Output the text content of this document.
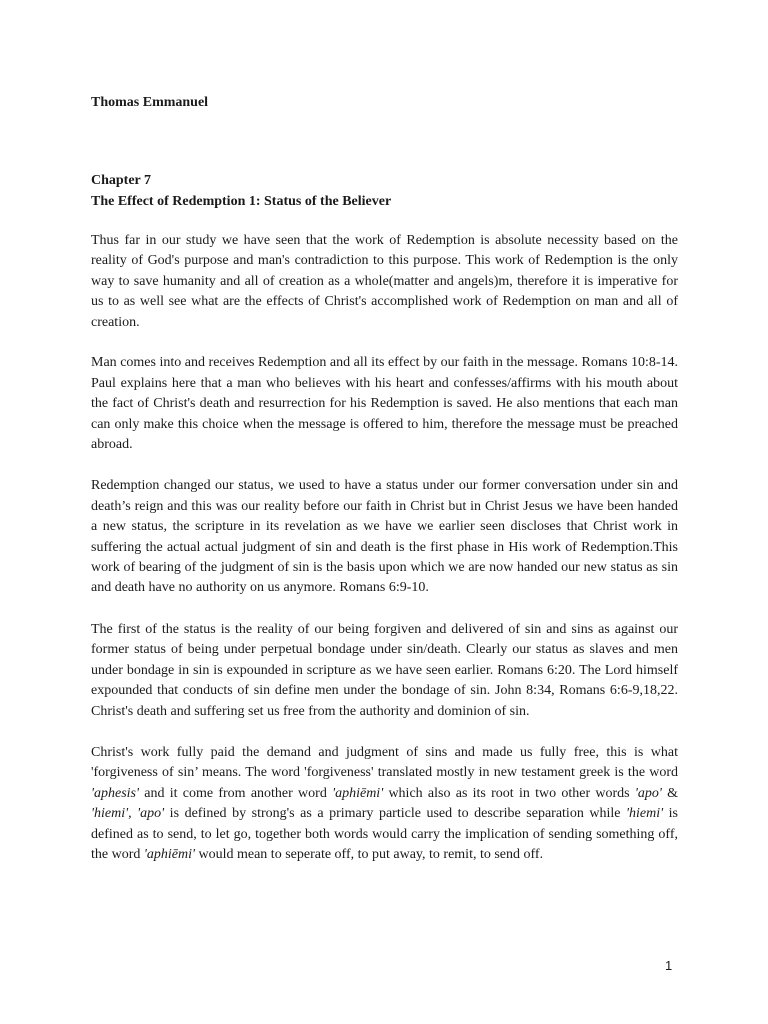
Thomas Emmanuel

Chapter 7
The Effect of Redemption 1: Status of the Believer

Thus far in our study we have seen that the work of Redemption is absolute necessity based on the reality of God's purpose and man's contradiction to this purpose. This work of Redemption is the only way to save humanity and all of creation as a whole(matter and angels)m, therefore it is imperative for us to as well see what are the effects of Christ's accomplished work of Redemption on man and all of creation.

Man comes into and receives Redemption and all its effect by our faith in the message. Romans 10:8-14. Paul explains here that a man who believes with his heart and confesses/affirms with his mouth about the fact of Christ's death and resurrection for his Redemption is saved. He also mentions that each man can only make this choice when the message is offered to him, therefore the message must be preached abroad.

Redemption changed our status, we used to have a status under our former conversation under sin and death’s reign and this was our reality before our faith in Christ but in Christ Jesus we have been handed a new status, the scripture in its revelation as we have we earlier seen discloses that Christ work in suffering the actual actual judgment of sin and death is the first phase in His work of Redemption.This work of bearing of the judgment of sin is the basis upon which we are now handed our new status as sin and death have no authority on us anymore. Romans 6:9-10.

The first of the status is the reality of our being forgiven and delivered of sin and sins as against our former status of being under perpetual bondage under sin/death. Clearly our status as slaves and men under bondage in sin is expounded in scripture as we have seen earlier. Romans 6:20. The Lord himself expounded that conducts of sin define men under the bondage of sin. John 8:34, Romans 6:6-9,18,22. Christ's death and suffering set us free from the authority and dominion of sin.

Christ's work fully paid the demand and judgment of sins and made us fully free, this is what 'forgiveness of sin’ means. The word 'forgiveness' translated mostly in new testament greek is the word 'aphesis' and it come from another word 'aphiēmi' which also as its root in two other words 'apo' & 'hiemi', 'apo' is defined by strong's as a primary particle used to describe separation while 'hiemi' is defined as to send, to let go, together both words would carry the implication of sending something off, the word 'aphiēmi' would mean to seperate off, to put away, to remit, to send off.

1
